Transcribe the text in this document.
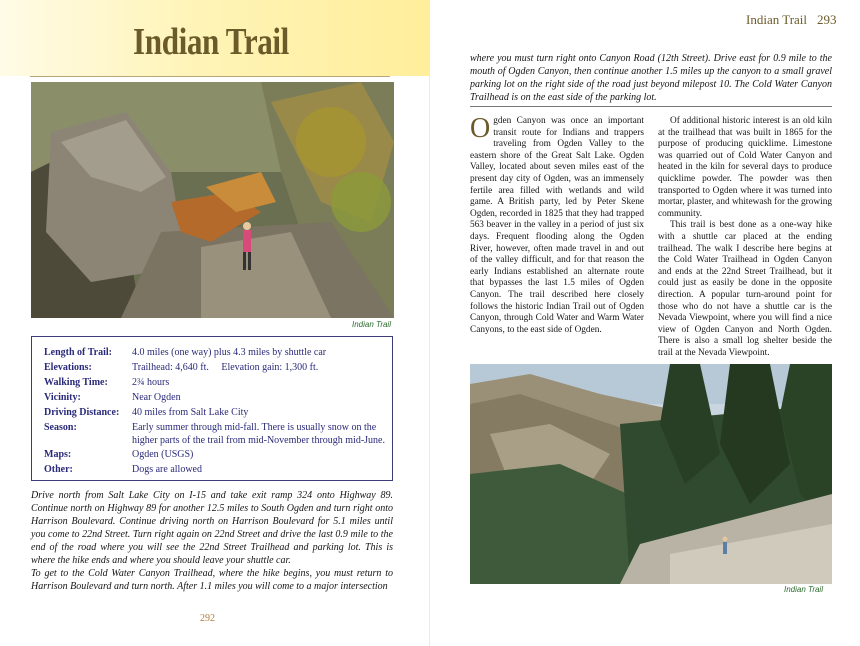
Indian Trail
Indian Trail
Length of Trail:	4.0 miles (one way) plus 4.3 miles by shuttle car
Elevations:	Trailhead: 4,640 ft.     Elevation gain: 1,300 ft.
Walking Time:	2¾ hours
Vicinity:	Near Ogden
Driving Distance:	40 miles from Salt Lake City
Season:	Early summer through mid-fall. There is usually snow on the higher parts of the trail from mid-November through mid-June.
Maps:	Ogden (USGS)
Other:	Dogs are allowed
Drive north from Salt Lake City on I-15 and take exit ramp 324 onto Highway 89. Continue north on Highway 89 for another 12.5 miles to South Ogden and turn right onto Harrison Boulevard. Continue driving north on Harrison Boulevard for 5.1 miles until you come to 22nd Street. Turn right again on 22nd Street and drive the last 0.9 mile to the end of the road where you will see the 22nd Street Trailhead and parking lot. This is where the hike ends and where you should leave your shuttle car.
To get to the Cold Water Canyon Trailhead, where the hike begins, you must return to Harrison Boulevard and turn north. After 1.1 miles you will come to a major intersection
292
Indian Trail 293
where you must turn right onto Canyon Road (12th Street). Drive east for 0.9 mile to the mouth of Ogden Canyon, then continue another 1.5 miles up the canyon to a small gravel parking lot on the right side of the road just beyond milepost 10. The Cold Water Canyon Trailhead is on the east side of the parking lot.

Ogden Canyon was once an important transit route for Indians and trappers traveling from Ogden Valley to the eastern shore of the Great Salt Lake. Ogden Valley, located about seven miles east of the present day city of Ogden, was an immensely fertile area filled with wetlands and wild game. A British party, led by Peter Skene Ogden, recorded in 1825 that they had trapped 563 beaver in the valley in a period of just six days. Frequent flooding along the Ogden River, however, often made travel in and out of the valley difficult, and for that reason the early Indians established an alternate route that bypasses the last 1.5 miles of Ogden Canyon. The trail described here closely follows the historic Indian Trail out of Ogden Canyon, through Cold Water and Warm Water Canyons, to the east side of Ogden.

Of additional historic interest is an old kiln at the trailhead that was built in 1865 for the purpose of producing quicklime. Limestone was quarried out of Cold Water Canyon and heated in the kiln for several days to produce quicklime powder. The powder was then transported to Ogden where it was turned into mortar, plaster, and whitewash for the growing community.

This trail is best done as a one-way hike with a shuttle car placed at the ending trailhead. The walk I describe here begins at the Cold Water Trailhead in Ogden Canyon and ends at the 22nd Street Trailhead, but it could just as easily be done in the opposite direction. A popular turn-around point for those who do not have a shuttle car is the Nevada Viewpoint, where you will find a nice view of Ogden Canyon and North Ogden. There is also a small log shelter beside the trail at the Nevada Viewpoint.

Indian Trail
